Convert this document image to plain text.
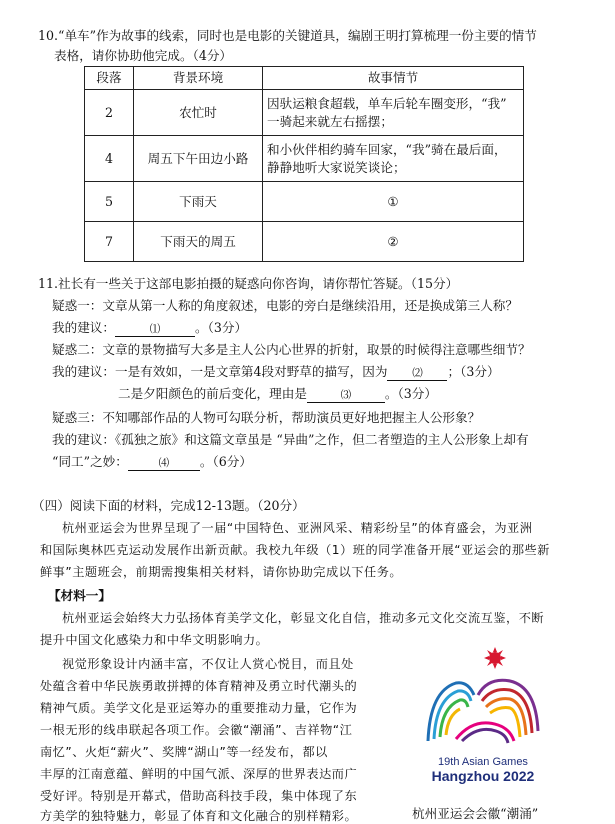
10.“单车”作为故事的线索，同时也是电影的关键道具，编剧王明打算梳理一份主要的情节
表格，请你协助他完成。（4分）
段落	背景环境	故事情节
2	农忙时	因驮运粮食超载，单车后轮车圈变形，“我”
一骑起来就左右摇摆；

4	周五下午田边小路	和小伙伴相约骑车回家，“我”骑在最后面，
静静地听大家说笑谈论；

5	下雨天	①
7	下雨天的周五	②
11.社长有一些关于这部电影拍摄的疑惑向你咨询，请你帮忙答疑。（15分）
疑惑一：文章从第一人称的角度叙述，电影的旁白是继续沿用，还是换成第三人称？
我的建议：	⑴	。（3分）
疑惑二：文章的景物描写大多是主人公内心世界的折射，取景的时候得注意哪些细节？
我的建议：一是有效如，一是文章第4段对野草的描写，因为 ⑵ ；（3分）
二是夕阳颜色的前后变化，理由是	⑶	。（3分）
疑惑三：不知哪部作品的人物可勾联分析，帮助演员更好地把握主人公形象？
我的建议：《孤独之旅》和这篇文章虽是 “异曲”之作，但二者塑造的主人公形象上却有
“同工”之妙：	⑷ 。（6分）
（四）阅读下面的材料，完成12-13题。（20分）
杭州亚运会为世界呈现了一届“中国特色、亚洲风采、精彩纷呈”的体育盛会，为亚洲
和国际奥林匹克运动发展作出新贡献。我校九年级（1）班的同学准备开展“亚运会的那些新
鲜事”主题班会，前期需搜集相关材料，请你协助完成以下任务。
【材料一】
杭州亚运会始终大力弘扬体育美学文化，彰显文化自信，推动多元文化交流互鉴，不断
提升中国文化感染力和中华文明影响力。
视觉形象设计内涵丰富，不仅让人赏心悦目，而且处
处蕴含着中华民族勇敢拼搏的体育精神及勇立时代潮头的
精神气质。美学文化是亚运筹办的重要推动力量，它作为
一根无形的线串联起各项工作。会徽“潮涌”、吉祥物“江
南忆”、火炬“薪火”、奖牌“湖山”等一经发布，都以
丰厚的江南意蕴、鲜明的中国气派、深厚的世界表达而广
受好评。特别是开幕式，借助高科技手段，集中体现了东
方美学的独特魅力，彰显了体育和文化融合的别样精彩。
19th Asian Games
Hangzhou 2022
杭州亚运会会徽“潮涌”
